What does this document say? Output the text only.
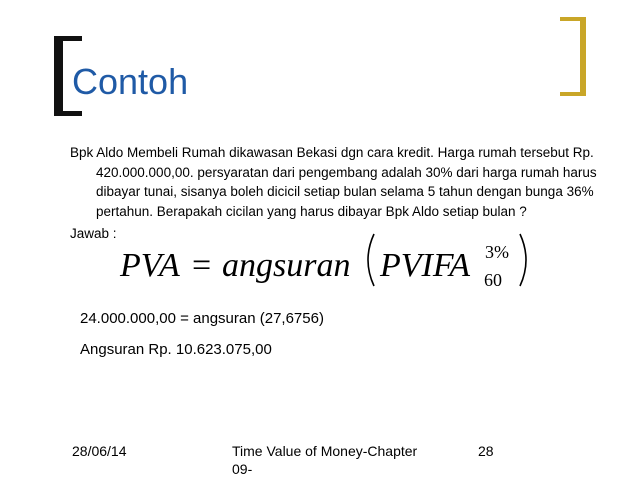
Contoh
Bpk Aldo Membeli Rumah dikawasan Bekasi dgn cara kredit. Harga rumah tersebut Rp. 420.000.000,00. persyaratan dari pengembang adalah 30% dari harga rumah harus dibayar tunai, sisanya boleh dicicil setiap bulan selama 5 tahun dengan bunga 36% pertahun. Berapakah cicilan yang harus dibayar Bpk Aldo setiap bulan ?
Jawab :
PVA = angsuran PVIFA 3%
60
24.000.000,00 = angsuran (27,6756)
Angsuran Rp. 10.623.075,00
28/06/14	Time Value of Money-Chapter 09-
28
